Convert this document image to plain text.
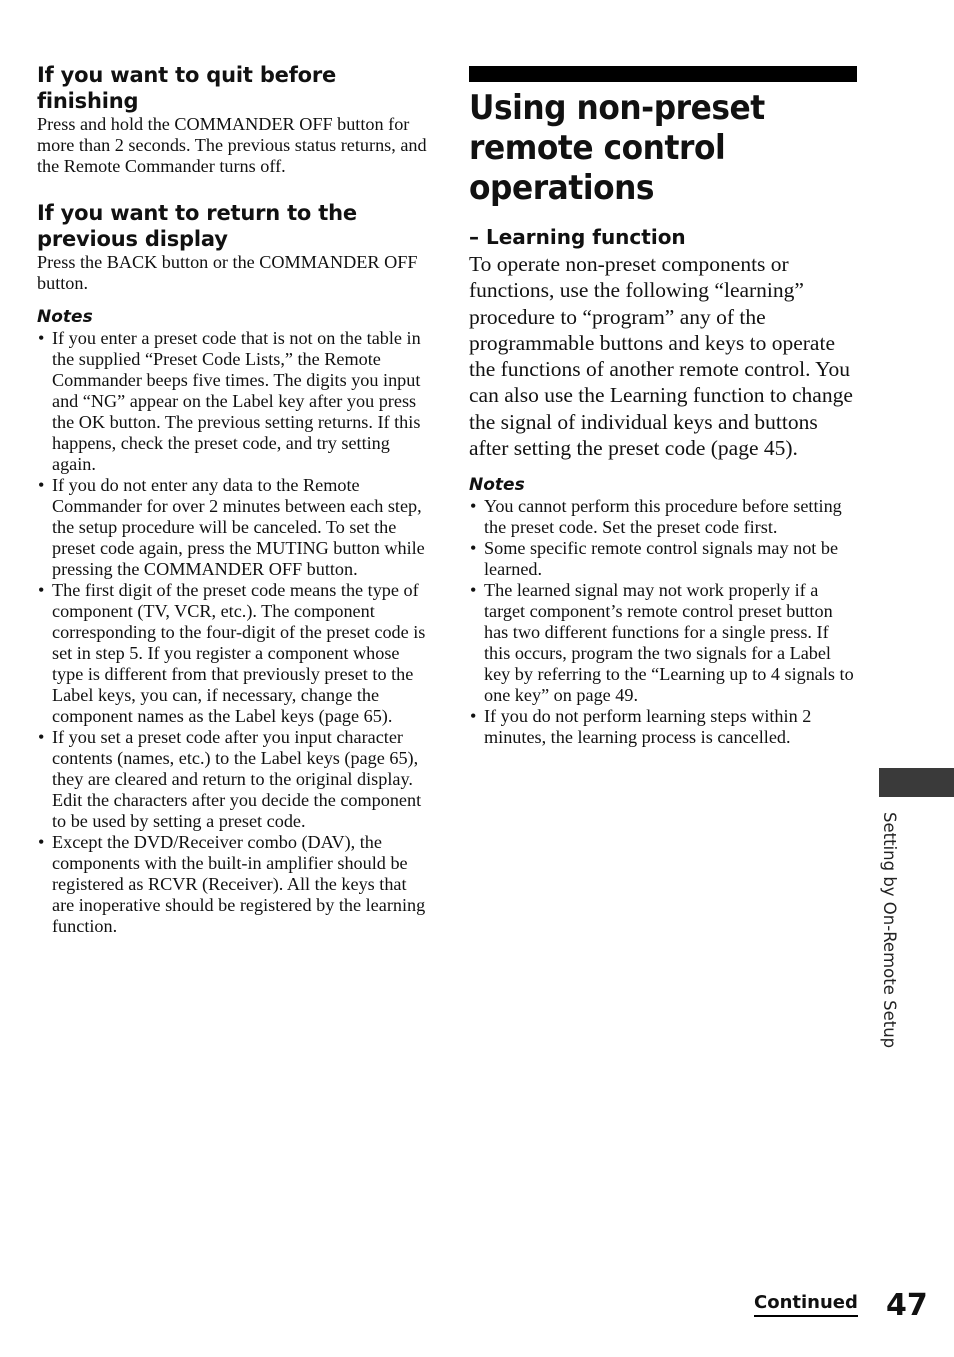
If you want to quit before finishing

Press and hold the COMMANDER OFF button for more than 2 seconds. The previous status returns, and the Remote Commander turns off.

If you want to return to the previous display

Press the BACK button or the COMMANDER OFF button.

Notes
• If you enter a preset code that is not on the table in the supplied “Preset Code Lists,” the Remote Commander beeps five times. The digits you input and “NG” appear on the Label key after you press the OK button. The previous setting returns. If this happens, check the preset code, and try setting again.
• If you do not enter any data to the Remote Commander for over 2 minutes between each step, the setup procedure will be canceled. To set the preset code again, press the MUTING button while pressing the COMMANDER OFF button.
• The first digit of the preset code means the type of component (TV, VCR, etc.). The component corresponding to the four-digit of the preset code is set in step 5. If you register a component whose type is different from that previously preset to the Label keys, you can, if necessary, change the component names as the Label keys (page 65).
• If you set a preset code after you input character contents (names, etc.) to the Label keys (page 65), they are cleared and return to the original display. Edit the characters after you decide the component to be used by setting a preset code.
• Except the DVD/Receiver combo (DAV), the components with the built-in amplifier should be registered as RCVR (Receiver). All the keys that are inoperative should be registered by the learning function.
Using non-preset remote control operations
– Learning function

To operate non-preset components or functions, use the following “learning” procedure to “program” any of the programmable buttons and keys to operate the functions of another remote control. You can also use the Learning function to change the signal of individual keys and buttons after setting the preset code (page 45).

Notes
• You cannot perform this procedure before setting the preset code. Set the preset code first.
• Some specific remote control signals may not be learned.
• The learned signal may not work properly if a target component’s remote control preset button has two different functions for a single press. If this occurs, program the two signals for a Label key by referring to the “Learning up to 4 signals to one key” on page 49.
• If you do not perform learning steps within 2 minutes, the learning process is cancelled.
Setting by On-Remote Setup
Continued 47
